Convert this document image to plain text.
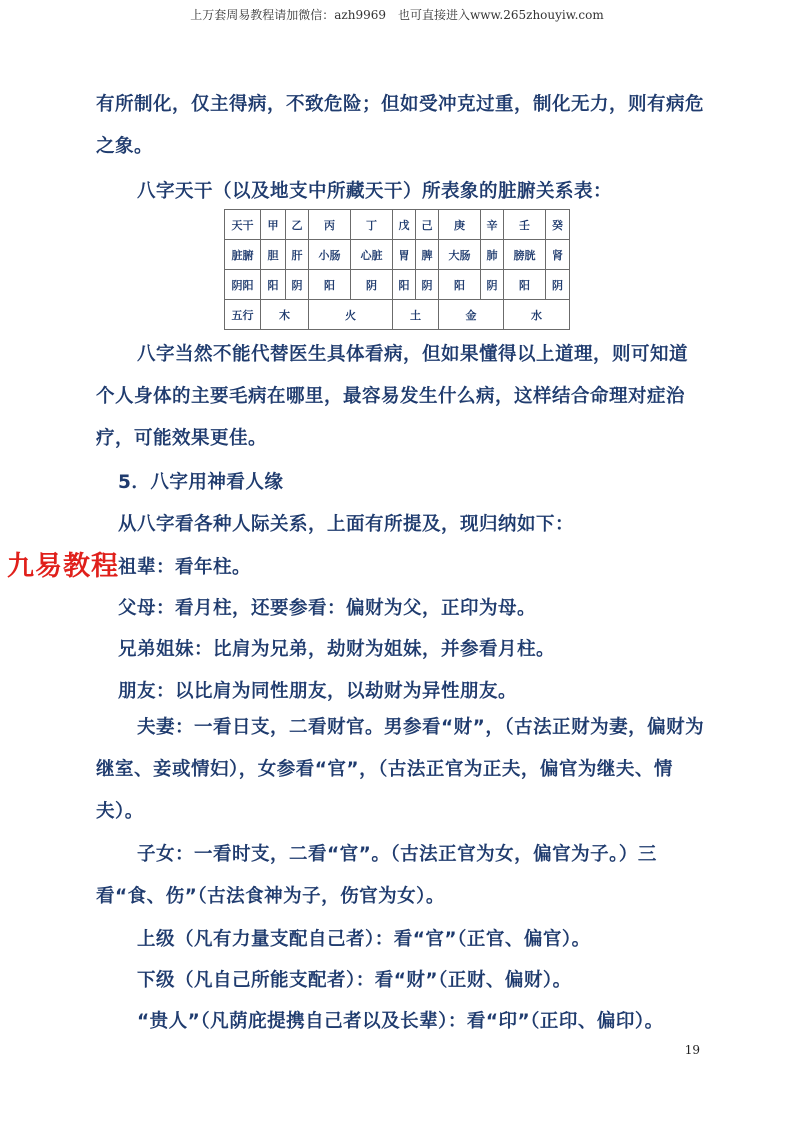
上万套周易教程请加微信：azh9969　也可直接进入www.265zhouyiw.com
有所制化，仅主得病，不致危险；但如受冲克过重，制化无力，则有病危之象。
八字天干（以及地支中所藏天干）所表象的脏腑关系表：
天干	甲	乙	丙	丁	戊	己	庚	辛	壬	癸
脏腑	胆	肝	小肠	心脏	胃	脾	大肠	肺	膀胱	肾
阴阳	阳	阴	阳	阴	阳	阴	阳	阴	阳	阴
五行	木		火		土		金		水	
八字当然不能代替医生具体看病，但如果懂得以上道理，则可知道个人身体的主要毛病在哪里，最容易发生什么病，这样结合命理对症治疗，可能效果更佳。
5．八字用神看人缘
从八字看各种人际关系，上面有所提及，现归纳如下：
祖辈：看年柱。
父母：看月柱，还要参看：偏财为父，正印为母。
兄弟姐妹：比肩为兄弟，劫财为姐妹，并参看月柱。
朋友：以比肩为同性朋友，以劫财为异性朋友。
夫妻：一看日支，二看财官。男参看“财”，（古法正财为妻，偏财为继室、妾或情妇），女参看“官”，（古法正官为正夫，偏官为继夫、情夫）。
子女：一看时支，二看“官”。（古法正官为女，偏官为子。）三看“食、伤”（古法食神为子，伤官为女）。
上级（凡有力量支配自己者）：看“官”（正官、偏官）。
下级（凡自己所能支配者）：看“财”（正财、偏财）。
“贵人”（凡荫庇提携自己者以及长辈）：看“印”（正印、偏印）。
九易教程
19
